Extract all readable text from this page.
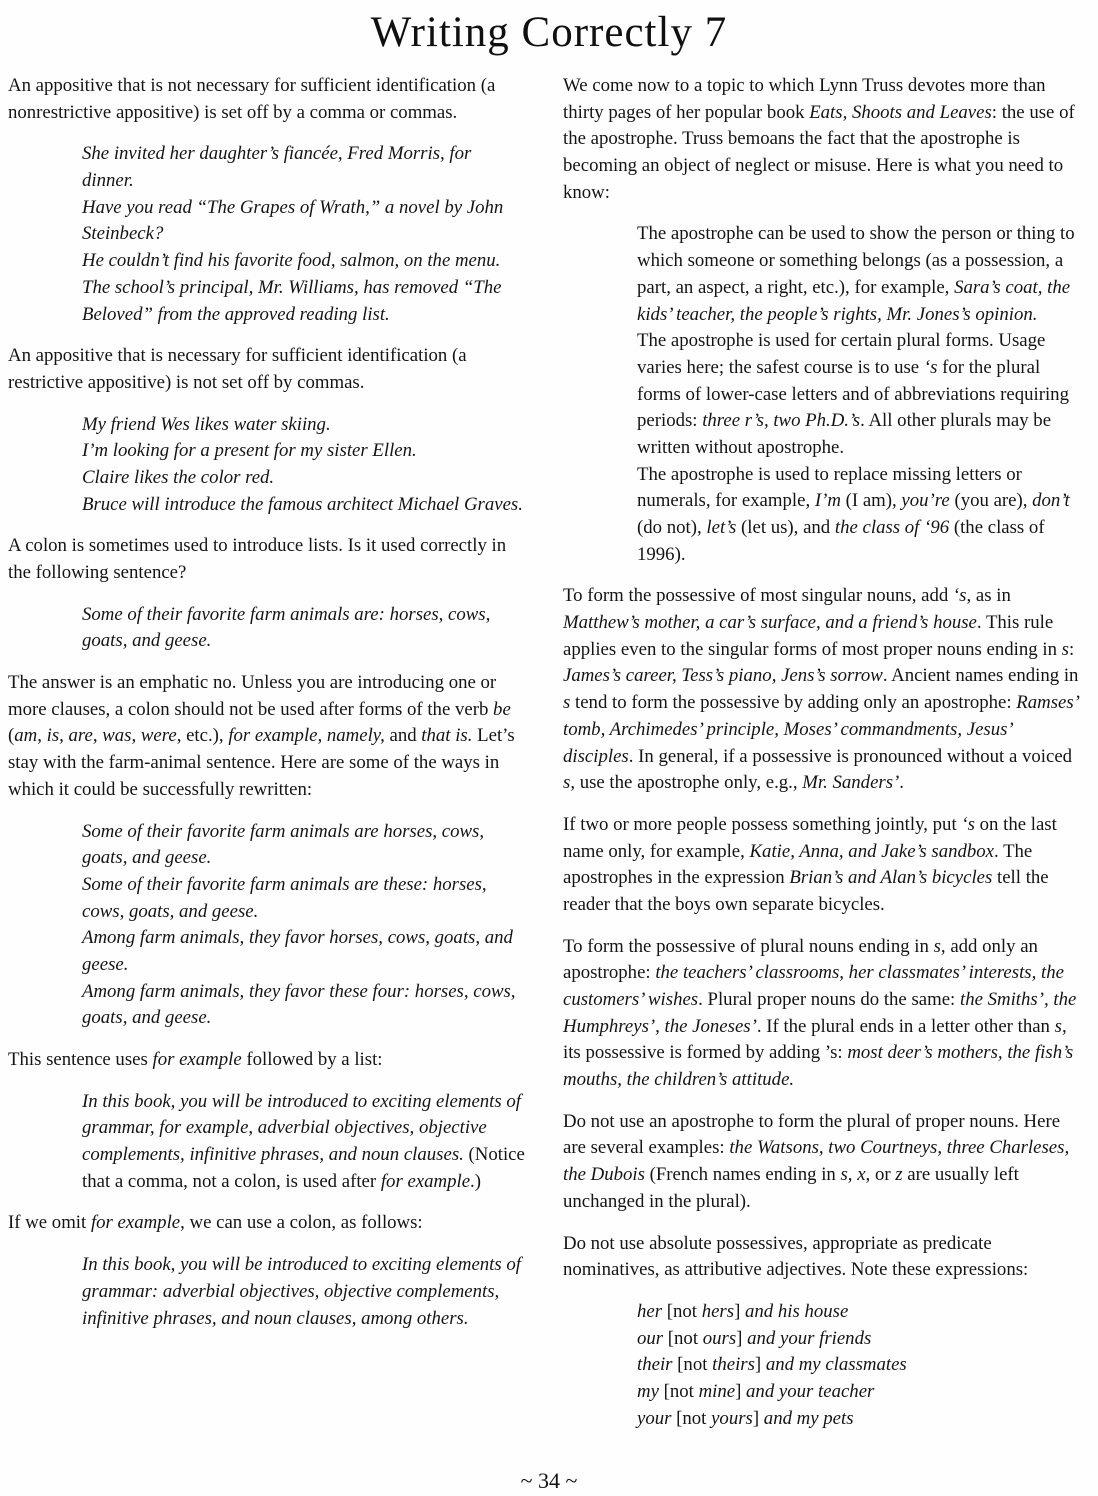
Writing Correctly 7

An appositive that is not necessary for sufficient identification (a nonrestrictive appositive) is set off by a comma or commas.

She invited her daughter’s fiancée, Fred Morris, for dinner.
Have you read “The Grapes of Wrath,” a novel by John Steinbeck?
He couldn’t find his favorite food, salmon, on the menu.
The school’s principal, Mr. Williams, has removed “The Beloved” from the approved reading list.

An appositive that is necessary for sufficient identification (a restrictive appositive) is not set off by commas.

My friend Wes likes water skiing.
I’m looking for a present for my sister Ellen.
Claire likes the color red.
Bruce will introduce the famous architect Michael Graves.

A colon is sometimes used to introduce lists. Is it used correctly in the following sentence?

Some of their favorite farm animals are: horses, cows, goats, and geese.

The answer is an emphatic no. Unless you are introducing one or more clauses, a colon should not be used after forms of the verb be (am, is, are, was, were, etc.), for example, namely, and that is. Let’s stay with the farm-animal sentence. Here are some of the ways in which it could be successfully rewritten:

Some of their favorite farm animals are horses, cows, goats, and geese.
Some of their favorite farm animals are these: horses, cows, goats, and geese.
Among farm animals, they favor horses, cows, goats, and geese.
Among farm animals, they favor these four: horses, cows, goats, and geese.

This sentence uses for example followed by a list:

In this book, you will be introduced to exciting elements of grammar, for example, adverbial objectives, objective complements, infinitive phrases, and noun clauses. (Notice that a comma, not a colon, is used after for example.)

If we omit for example, we can use a colon, as follows:

In this book, you will be introduced to exciting elements of grammar: adverbial objectives, objective complements, infinitive phrases, and noun clauses, among others.

We come now to a topic to which Lynn Truss devotes more than thirty pages of her popular book Eats, Shoots and Leaves: the use of the apostrophe. Truss bemoans the fact that the apostrophe is becoming an object of neglect or misuse. Here is what you need to know:

The apostrophe can be used to show the person or thing to which someone or something belongs (as a possession, a part, an aspect, a right, etc.), for example, Sara’s coat, the kids’ teacher, the people’s rights, Mr. Jones’s opinion.
The apostrophe is used for certain plural forms. Usage varies here; the safest course is to use ‘s for the plural forms of lower-case letters and of abbreviations requiring periods: three r’s, two Ph.D.’s. All other plurals may be written without apostrophe.
The apostrophe is used to replace missing letters or numerals, for example, I’m (I am), you’re (you are), don’t (do not), let’s (let us), and the class of ‘96 (the class of 1996).

To form the possessive of most singular nouns, add ‘s, as in Matthew’s mother, a car’s surface, and a friend’s house. This rule applies even to the singular forms of most proper nouns ending in s: James’s career, Tess’s piano, Jens’s sorrow. Ancient names ending in s tend to form the possessive by adding only an apostrophe: Ramses’ tomb, Archimedes’ principle, Moses’ commandments, Jesus’ disciples. In general, if a possessive is pronounced without a voiced s, use the apostrophe only, e.g., Mr. Sanders’.

If two or more people possess something jointly, put ‘s on the last name only, for example, Katie, Anna, and Jake’s sandbox. The apostrophes in the expression Brian’s and Alan’s bicycles tell the reader that the boys own separate bicycles.

To form the possessive of plural nouns ending in s, add only an apostrophe: the teachers’ classrooms, her classmates’ interests, the customers’ wishes. Plural proper nouns do the same: the Smiths’, the Humphreys’, the Joneses’. If the plural ends in a letter other than s, its possessive is formed by adding ’s: most deer’s mothers, the fish’s mouths, the children’s attitude.

Do not use an apostrophe to form the plural of proper nouns. Here are several examples: the Watsons, two Courtneys, three Charleses, the Dubois (French names ending in s, x, or z are usually left unchanged in the plural).

Do not use absolute possessives, appropriate as predicate nominatives, as attributive adjectives. Note these expressions:

her [not hers] and his house
our [not ours] and your friends
their [not theirs] and my classmates
my [not mine] and your teacher
your [not yours] and my pets
~ 34 ~
